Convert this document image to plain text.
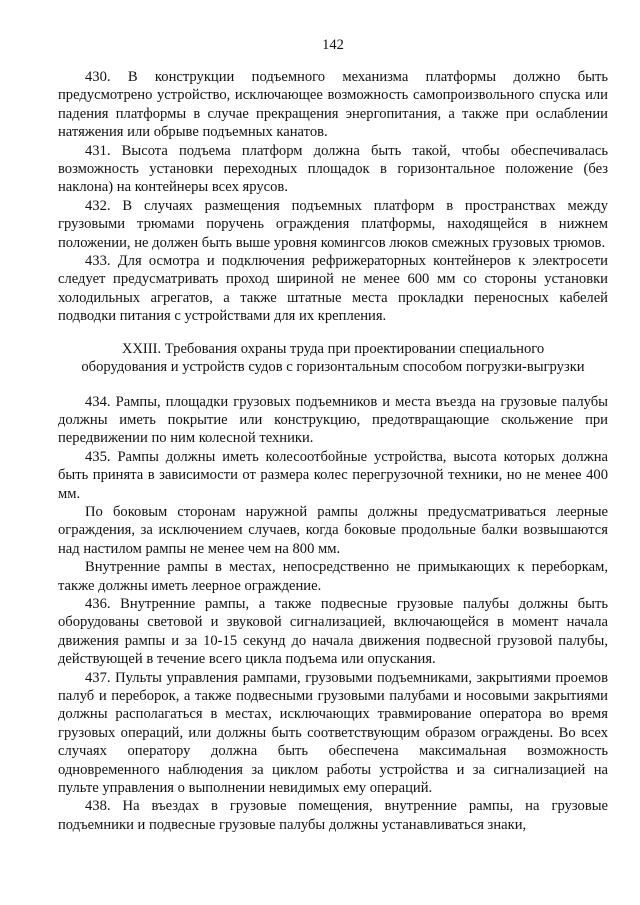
142

430. В конструкции подъемного механизма платформы должно быть предусмотрено устройство, исключающее возможность самопроизвольного спуска или падения платформы в случае прекращения энергопитания, а также при ослаблении натяжения или обрыве подъемных канатов.

431. Высота подъема платформ должна быть такой, чтобы обеспечивалась возможность установки переходных площадок в горизонтальное положение (без наклона) на контейнеры всех ярусов.

432. В случаях размещения подъемных платформ в пространствах между грузовыми трюмами поручень ограждения платформы, находящейся в нижнем положении, не должен быть выше уровня комингсов люков смежных грузовых трюмов.

433. Для осмотра и подключения рефрижераторных контейнеров к электросети следует предусматривать проход шириной не менее 600 мм со стороны установки холодильных агрегатов, а также штатные места прокладки переносных кабелей подводки питания с устройствами для их крепления.

XXIII. Требования охраны труда при проектировании специального
оборудования и устройств судов с горизонтальным способом погрузки-выгрузки

434. Рампы, площадки грузовых подъемников и места въезда на грузовые палубы должны иметь покрытие или конструкцию, предотвращающие скольжение при передвижении по ним колесной техники.

435. Рампы должны иметь колесоотбойные устройства, высота которых должна быть принята в зависимости от размера колес перегрузочной техники, но не менее 400 мм.

По боковым сторонам наружной рампы должны предусматриваться леерные ограждения, за исключением случаев, когда боковые продольные балки возвышаются над настилом рампы не менее чем на 800 мм.

Внутренние рампы в местах, непосредственно не примыкающих к переборкам, также должны иметь леерное ограждение.

436. Внутренние рампы, а также подвесные грузовые палубы должны быть оборудованы световой и звуковой сигнализацией, включающейся в момент начала движения рампы и за 10-15 секунд до начала движения подвесной грузовой палубы, действующей в течение всего цикла подъема или опускания.

437. Пульты управления рампами, грузовыми подъемниками, закрытиями проемов палуб и переборок, а также подвесными грузовыми палубами и носовыми закрытиями должны располагаться в местах, исключающих травмирование оператора во время грузовых операций, или должны быть соответствующим образом ограждены. Во всех случаях оператору должна быть обеспечена максимальная возможность одновременного наблюдения за циклом работы устройства и за сигнализацией на пульте управления о выполнении невидимых ему операций.

438. На въездах в грузовые помещения, внутренние рампы, на грузовые подъемники и подвесные грузовые палубы должны устанавливаться знаки,
